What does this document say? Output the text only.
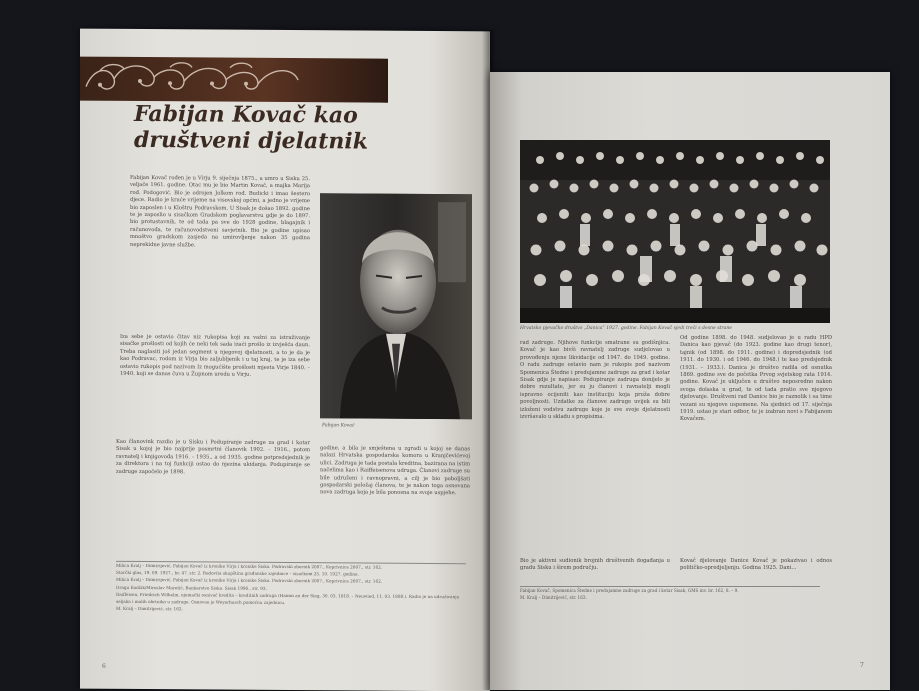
Fabijan Kovač kao društveni djelatnik

Fabijan Kovač rođen je u Virju 9. siječnja 1875., a umro u Sisku 25. veljače 1961. godine. Otac mu je bio Martin Kovač, a majka Marija rođ. Podogović. Bio je odrojen Jolkom rođ. Budicki i imao šestero djece. Radio je kraće vrijeme na visovskoj općini, a jedno je vrijeme bio zaposlen i u Kloštru Podravskom. U Sisak je došao 1892. godine te je zaposlio u sisačkom Gradskom poglavarstvu gdje je do 1897. bio protustavnik, te od tada pa sve do 1928 godine, blagajnik i računovođa, te računovodstveni savjetnik. Bio je godine upisao mnoštvo gradskom zasjeda na umirovljenje nakon 35 godina neprekidne javne službe.

Iza sebe je ostavio čitav niz rukopisa koji su važni za istraživanje sisačke prošlosti od kojih će neki tek sada izaći prošlo iz izvješća daun. Treba naglasiti još jedan segment u njegovoj djelatnosti, a to je da je kao Podravac, rodom iz Virja bio zaljubljenik i u taj kraj, te je iza sebe ostavio rukopis pod nazivom Iz mogućište prošlosti mjesta Virje 1840. – 1940. koji se danas čuva u Župnom uredu u Virju.

Kao članovink razdio je u Sisku i Podupiranje zadruge za grad i kotar Sisak u kojoj je bio najprije posmrtni članovik 1902. – 1916., potom ravnatelj i knjigovođa 1916. – 1935., a od 1935. godine potpredsjednik je za direktora i na toj funkciji ostao do njezina ukidanja. Podupiranje se zadruge započelo je 1898.

Fabijan Kovač

godine, a bila je smještena u zgradi u kojoj se danas nalazi Hrvatska gospodarska komora u Kranjčevićevoj ulici. Zadruga je tada postala kreditna, bazirana na istim načelima kao i Raiffeisenova udruga. Članovi zadruge su bile udruženi i ravnopravni, a cilj je bio poboljšati gospodarski položaj članova, te je nakon toga osnovana nova zadruga koja je bila ponosna na svoje uspjehe.

Milica Kralj – Dimitrijević, Fabijan Kovač iz kronike Virja i kronike Siska. Podravski zbornik 2007., Koprivnica 2007., str. 162.
Starčki glas, 19. 09. 1927., br. 47. str. 2. Redovita skupština građanske zajednice – sisačkom 25. 10. 1927. godine.
Milica Kralj – Dimitrijević, Fabijan Kovač iz kronike Virja i kronike Siska. Podravski zbornik 2007., Koprivnica 2007., str. 162.
Dragu Kodžik/Miroslav Maretić, Bankarstvo Siska. Sisak 1996., str. 93.
Raiffeisen, Friedrich Wilhelm, njemački osnivač kredita – kreditnih zadruga (Hamm an der Sieg, 30. 03. 1818. – Neuwied, 11. 03. 1888.). Radio je na udruživanju seljaka i malih obrtnika u zadruge. Osnovao je Weyerbusch pomoćnu zajednicu.
M. Kralj – Dimitrijević, str. 162.
6	7
Hrvatsko pjevačko društvo „Danica” 1927. godine. Fabijan Kovač sjedi treći s desne strane

rad zadruge. Njihove funkcije smatrane su godišnjica. Kovač je kao bivši ravnatelj zadruge sudjelovao u provođenju njene likvidacije od 1947. do 1949. godine. O radu zadruge ostavio nam je rukopis pod nazivom Spomenica Štedne i predujamne zadruge za grad i kotar Sisak gdje je napisao: Podupiranje zadruga donijelo je dobre rezultate, jer su ju članovi i ravnatelji mogli ispravno ocijeniti kao instituciju koja pruža dobre povoljnosti. Uzdatke za članove zadruge uvijek su bili izloženi vodstvu zadruge koje je sve svoje djelatnosti izvršavalo u skladu s propisima.

Bio je aktivni sudionik brojnih društvenih događanja u gradu Sisku i širem području.

Od godine 1898. do 1948. sudjelovao je u radu HPD Danica kao pjevač (do 1923. godine kao drugi tenor), tajnik (od 1898. do 1911. godine) i dopredsjednik (od 1911. do 1930. i od 1946. do 1948.) te kao predsjednik (1931. – 1933.). Danica je društvo radila od osnutka 1869. godine sve do početka Prvog svjetskog rata 1914. godine. Kovač je uključen u društvo neposredno nakon svoga dolaska u grad, te od tada pratio sve njegovo djelovanje. Društveni rad Danice bio je raznolik i sa time vezani su njegove uspomene. Na sjednici od 17. siječnja 1919. ustao je stari odbor, te je izabran novi s Fabijanom Kovačem.

Kovač djelovanje Danice Kovač je pokazivao i odnos političko-opredjeljenju. Godina 1925. Dani...

Fabijan Kovač, Spomenica Štedne i predujamne zadruge za grad i kotar Sisak, GMS inv. br. 162, 8. – 9.
M. Kralj – Dimitrijević, str. 163.
